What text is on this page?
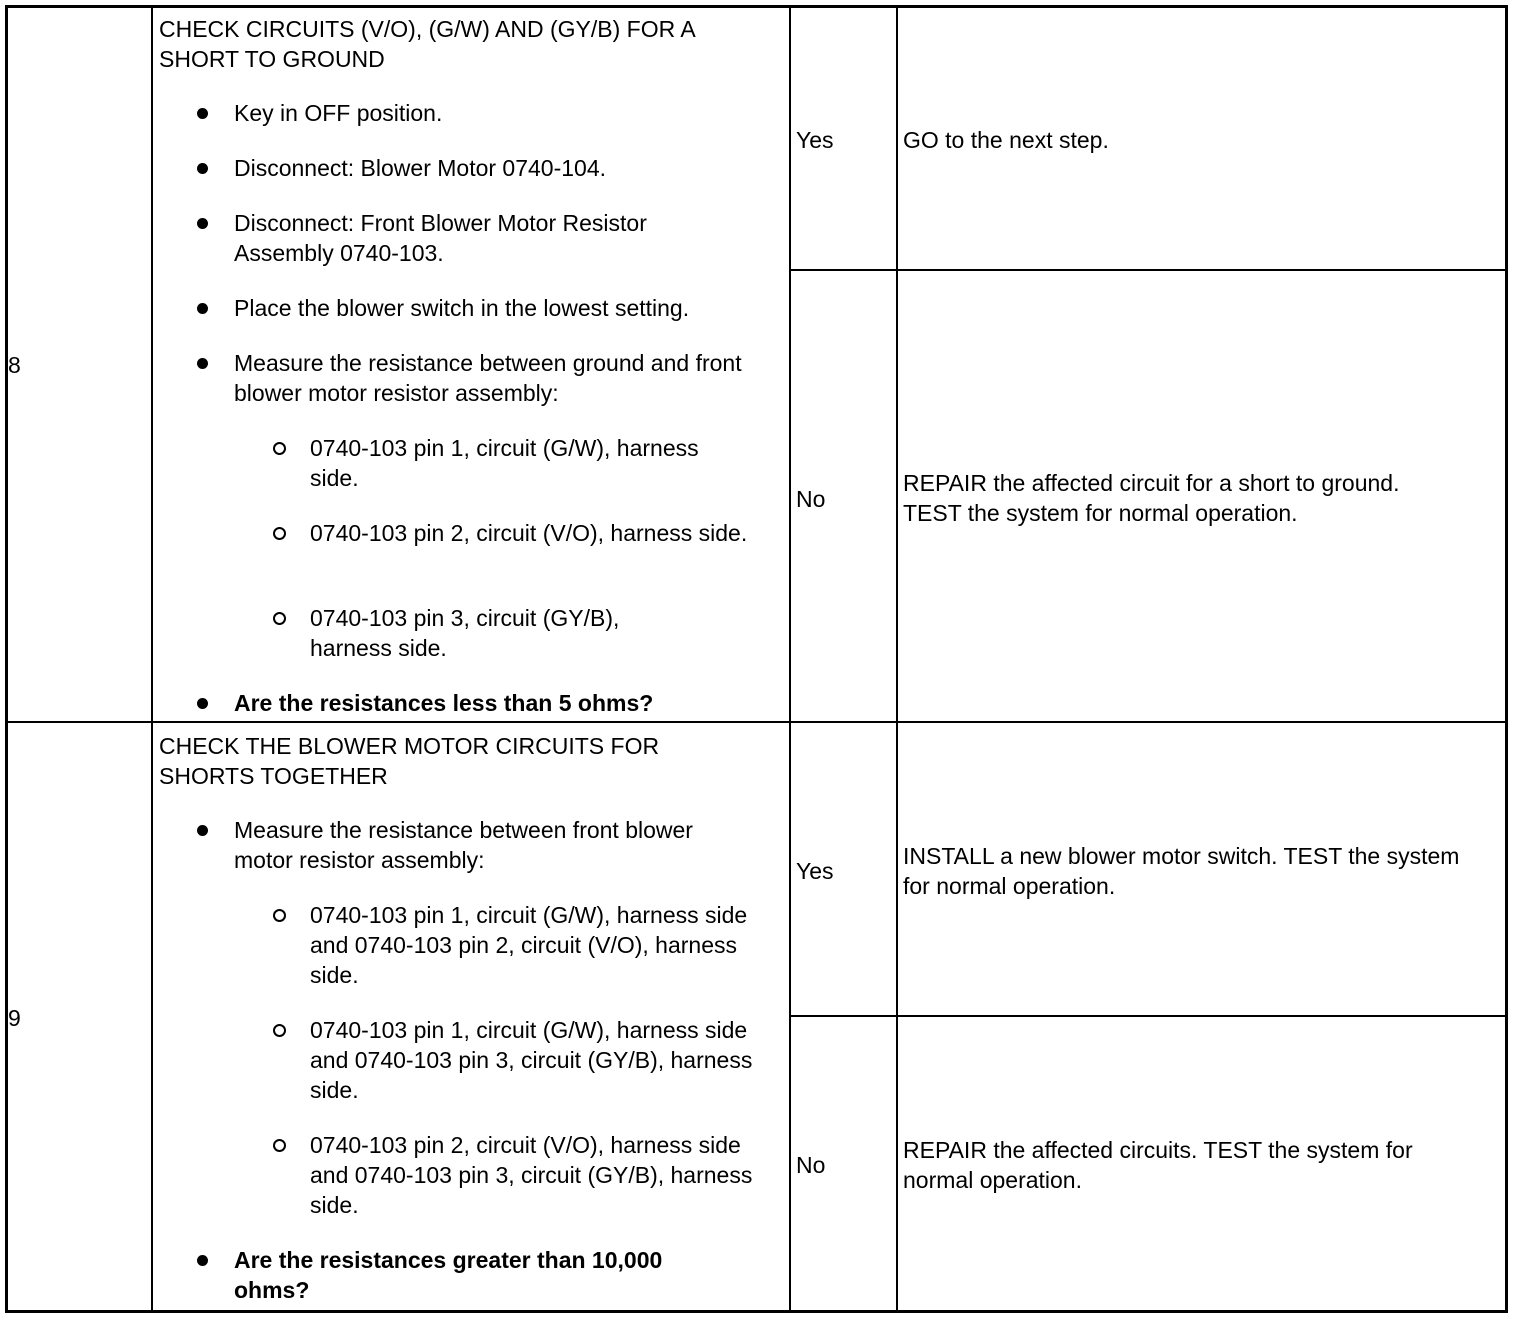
8
CHECK CIRCUITS (V/O), (G/W) AND (GY/B) FOR A SHORT TO GROUND
Key in OFF position.
Disconnect: Blower Motor 0740-104.
Disconnect: Front Blower Motor Resistor Assembly 0740-103.
Place the blower switch in the lowest setting.
Measure the resistance between ground and front blower motor resistor assembly:
0740-103 pin 1, circuit (G/W), harness side.
0740-103 pin 2, circuit (V/O), harness side.
0740-103 pin 3, circuit (GY/B), harness side.
Are the resistances less than 5 ohms?
Yes	GO to the next step.
No
REPAIR the affected circuit for a short to ground. TEST the system for normal operation.
9
CHECK THE BLOWER MOTOR CIRCUITS FOR SHORTS TOGETHER
Measure the resistance between front blower motor resistor assembly:
0740-103 pin 1, circuit (G/W), harness side and 0740-103 pin 2, circuit (V/O), harness side.
0740-103 pin 1, circuit (G/W), harness side and 0740-103 pin 3, circuit (GY/B), harness side.
0740-103 pin 2, circuit (V/O), harness side and 0740-103 pin 3, circuit (GY/B), harness side.
Are the resistances greater than 10,000 ohms?
Yes
INSTALL a new blower motor switch. TEST the system for normal operation.
No
REPAIR the affected circuits. TEST the system for normal operation.
